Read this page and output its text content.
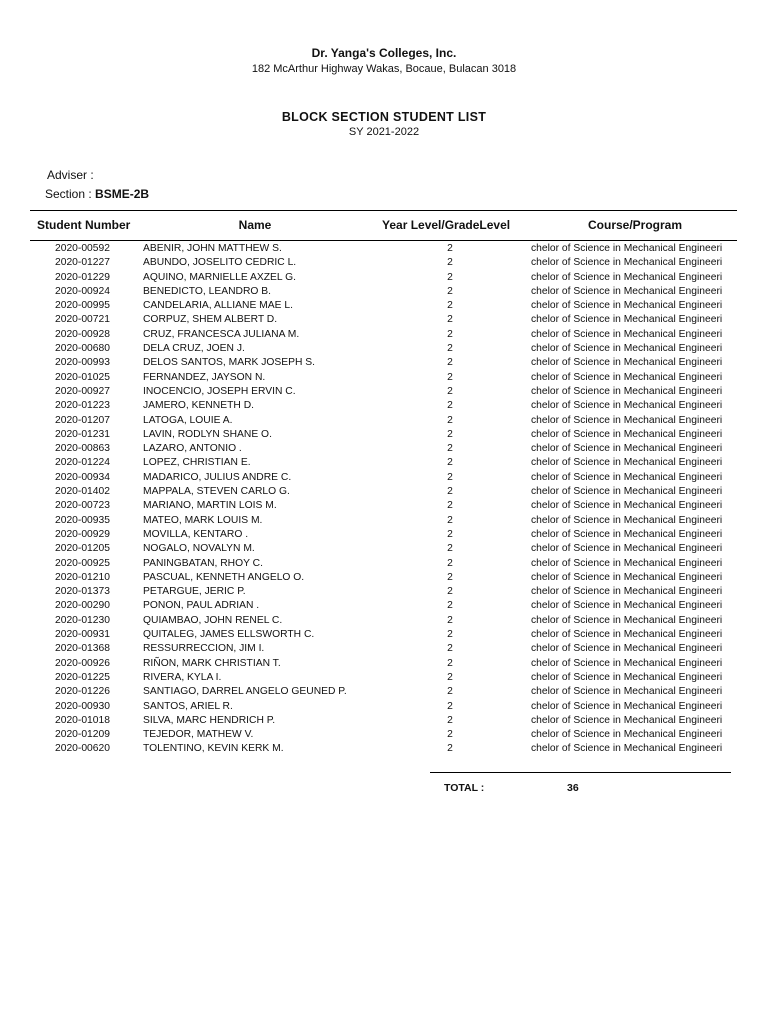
Dr. Yanga's Colleges, Inc.
182 McArthur Highway Wakas, Bocaue, Bulacan 3018
BLOCK SECTION STUDENT LIST
SY 2021-2022
Adviser :
Section : BSME-2B
Student Number	Name	Year Level/GradeLevel	Course/Program
2020-00592	ABENIR, JOHN MATTHEW S.	2	chelor of Science in Mechanical Engineeri
2020-01227	ABUNDO, JOSELITO CEDRIC L.	2	chelor of Science in Mechanical Engineeri
2020-01229	AQUINO, MARNIELLE AXZEL G.	2	chelor of Science in Mechanical Engineeri
2020-00924	BENEDICTO, LEANDRO B.	2	chelor of Science in Mechanical Engineeri
2020-00995	CANDELARIA, ALLIANE MAE L.	2	chelor of Science in Mechanical Engineeri
2020-00721	CORPUZ, SHEM ALBERT D.	2	chelor of Science in Mechanical Engineeri
2020-00928	CRUZ, FRANCESCA JULIANA M.	2	chelor of Science in Mechanical Engineeri
2020-00680	DELA CRUZ, JOEN J.	2	chelor of Science in Mechanical Engineeri
2020-00993	DELOS SANTOS, MARK JOSEPH S.	2	chelor of Science in Mechanical Engineeri
2020-01025	FERNANDEZ, JAYSON N.	2	chelor of Science in Mechanical Engineeri
2020-00927	INOCENCIO, JOSEPH ERVIN C.	2	chelor of Science in Mechanical Engineeri
2020-01223	JAMERO, KENNETH D.	2	chelor of Science in Mechanical Engineeri
2020-01207	LATOGA, LOUIE A.	2	chelor of Science in Mechanical Engineeri
2020-01231	LAVIN, RODLYN SHANE O.	2	chelor of Science in Mechanical Engineeri
2020-00863	LAZARO, ANTONIO .	2	chelor of Science in Mechanical Engineeri
2020-01224	LOPEZ, CHRISTIAN E.	2	chelor of Science in Mechanical Engineeri
2020-00934	MADARICO, JULIUS ANDRE C.	2	chelor of Science in Mechanical Engineeri
2020-01402	MAPPALA, STEVEN CARLO G.	2	chelor of Science in Mechanical Engineeri
2020-00723	MARIANO, MARTIN LOIS M.	2	chelor of Science in Mechanical Engineeri
2020-00935	MATEO, MARK LOUIS M.	2	chelor of Science in Mechanical Engineeri
2020-00929	MOVILLA, KENTARO .	2	chelor of Science in Mechanical Engineeri
2020-01205	NOGALO, NOVALYN M.	2	chelor of Science in Mechanical Engineeri
2020-00925	PANINGBATAN, RHOY C.	2	chelor of Science in Mechanical Engineeri
2020-01210	PASCUAL, KENNETH ANGELO O.	2	chelor of Science in Mechanical Engineeri
2020-01373	PETARGUE, JERIC P.	2	chelor of Science in Mechanical Engineeri
2020-00290	PONON, PAUL ADRIAN .	2	chelor of Science in Mechanical Engineeri
2020-01230	QUIAMBAO, JOHN RENEL C.	2	chelor of Science in Mechanical Engineeri
2020-00931	QUITALEG, JAMES ELLSWORTH C.	2	chelor of Science in Mechanical Engineeri
2020-01368	RESSURRECCION, JIM I.	2	chelor of Science in Mechanical Engineeri
2020-00926	RIÑON, MARK CHRISTIAN T.	2	chelor of Science in Mechanical Engineeri
2020-01225	RIVERA, KYLA I.	2	chelor of Science in Mechanical Engineeri
2020-01226	SANTIAGO, DARREL ANGELO GEUNED P.	2	chelor of Science in Mechanical Engineeri
2020-00930	SANTOS, ARIEL R.	2	chelor of Science in Mechanical Engineeri
2020-01018	SILVA, MARC HENDRICH P.	2	chelor of Science in Mechanical Engineeri
2020-01209	TEJEDOR, MATHEW V.	2	chelor of Science in Mechanical Engineeri
2020-00620	TOLENTINO, KEVIN KERK M.	2	chelor of Science in Mechanical Engineeri
TOTAL :	36
